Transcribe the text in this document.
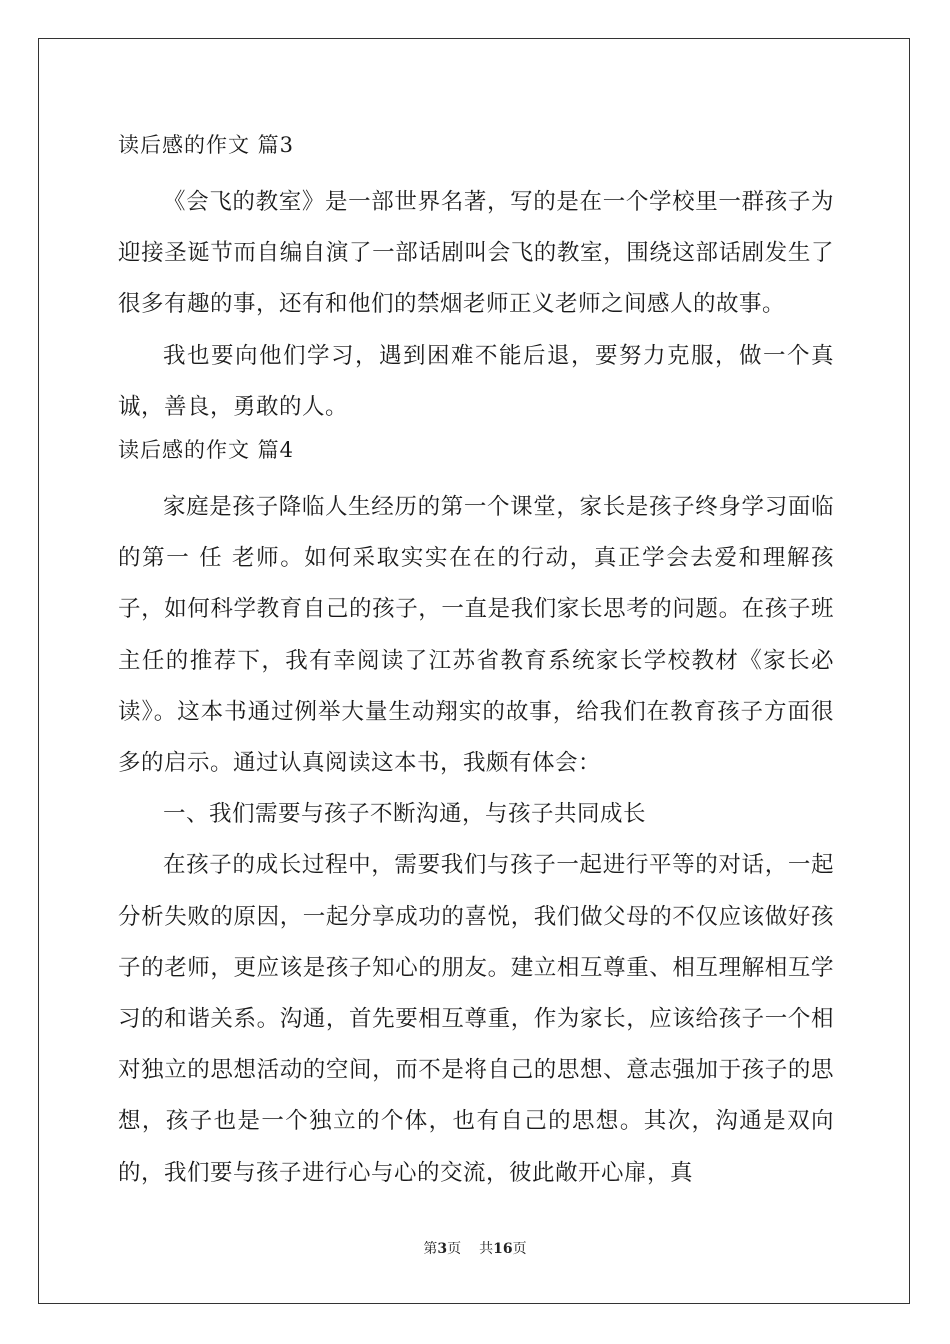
读后感的作文 篇3

《会飞的教室》是一部世界名著，写的是在一个学校里一群孩子为迎接圣诞节而自编自演了一部话剧叫会飞的教室，围绕这部话剧发生了很多有趣的事，还有和他们的禁烟老师正义老师之间感人的故事。

我也要向他们学习，遇到困难不能后退，要努力克服，做一个真诚，善良，勇敢的人。

读后感的作文 篇4

家庭是孩子降临人生经历的第一个课堂，家长是孩子终身学习面临的第一 任 老师。如何采取实实在在的行动，真正学会去爱和理解孩子，如何科学教育自己的孩子，一直是我们家长思考的问题。在孩子班主任的推荐下，我有幸阅读了江苏省教育系统家长学校教材《家长必读》。这本书通过例举大量生动翔实的故事，给我们在教育孩子方面很多的启示。通过认真阅读这本书，我颇有体会：

一、我们需要与孩子不断沟通，与孩子共同成长

在孩子的成长过程中，需要我们与孩子一起进行平等的对话，一起分析失败的原因，一起分享成功的喜悦，我们做父母的不仅应该做好孩子的老师，更应该是孩子知心的朋友。建立相互尊重、相互理解相互学习的和谐关系。沟通，首先要相互尊重，作为家长，应该给孩子一个相对独立的思想活动的空间，而不是将自己的思想、意志强加于孩子的思想，孩子也是一个独立的个体，也有自己的思想。其次，沟通是双向的，我们要与孩子进行心与心的交流，彼此敞开心扉，真

第3页 共16页
